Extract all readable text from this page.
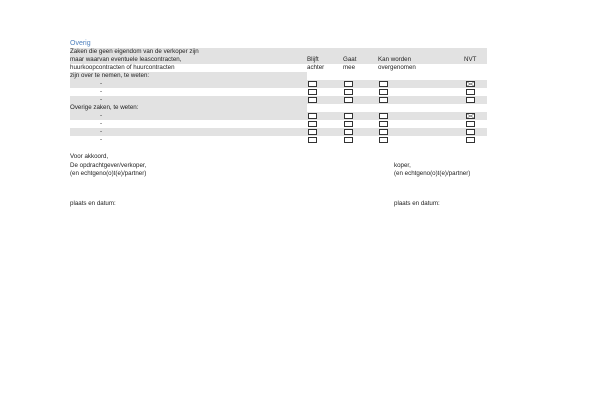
Overig
Zaken die geen eigendom van de verkoper zijn
maar waarvan eventuele leascontracten,	Blijft	Gaat	Kan worden	NVT
huurkoopcontracten of huurcontracten	achter	mee	overgenomen
zijn over te nemen, te weten:
-
-
-
Overige zaken, te weten:
-
-
-
-
Voor akkoord,
De opdrachtgever/verkoper,
(en echtgeno(o)t(e)/partner)
koper,
(en echtgeno(o)t(e)/partner)
plaats en datum:	plaats en datum:
